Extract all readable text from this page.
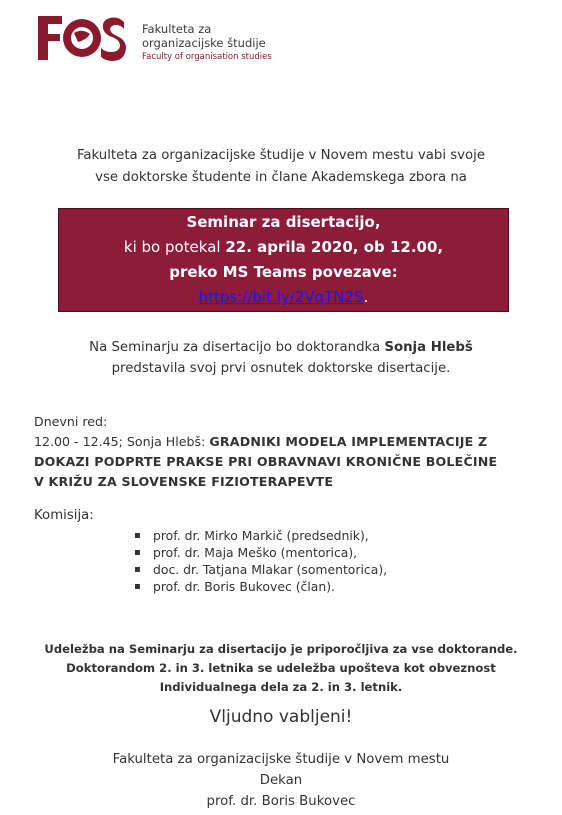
Fakulteta za
organizacijske študije
Faculty of organisation studies
Fakulteta za organizacijske študije v Novem mestu vabi svoje
vse doktorske študente in člane Akademskega zbora na
Seminar za disertacijo,
ki bo potekal 22. aprila 2020, ob 12.00,
preko MS Teams povezave:
https://bit.ly/2VqTN2S.
Na Seminarju za disertacijo bo doktorandka Sonja Hlebš
predstavila svoj prvi osnutek doktorske disertacije.
Dnevni red:
12.00 - 12.45; Sonja Hlebš: GRADNIKI MODELA IMPLEMENTACIJE Z
DOKAZI PODPRTE PRAKSE PRI OBRAVNAVI KRONIČNE BOLEČINE
V KRIŽU ZA SLOVENSKE FIZIOTERAPEVTE
Komisija:
▪ prof. dr. Mirko Markič (predsednik),
▪ prof. dr. Maja Meško (mentorica),
▪ doc. dr. Tatjana Mlakar (somentorica),
▪ prof. dr. Boris Bukovec (član).
Udeležba na Seminarju za disertacijo je priporočljiva za vse doktorande.
Doktorandom 2. in 3. letnika se udeležba upošteva kot obveznost
Individualnega dela za 2. in 3. letnik.
Vljudno vabljeni!
Fakulteta za organizacijske študije v Novem mestu
Dekan
prof. dr. Boris Bukovec
